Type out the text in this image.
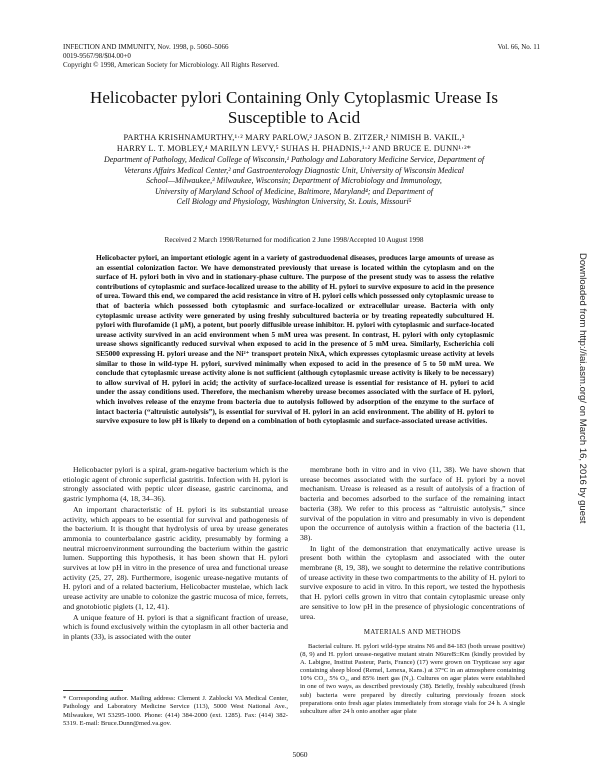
INFECTION AND IMMUNITY, Nov. 1998, p. 5060–5066
0019-9567/98/$04.00+0
Copyright © 1998, American Society for Microbiology. All Rights Reserved.
Vol. 66, No. 11
Helicobacter pylori Containing Only Cytoplasmic Urease Is
Susceptible to Acid
PARTHA KRISHNAMURTHY,¹·² MARY PARLOW,² JASON B. ZITZER,² NIMISH B. VAKIL,³
HARRY L. T. MOBLEY,⁴ MARILYN LEVY,⁵ SUHAS H. PHADNIS,¹·² AND BRUCE E. DUNN¹·²*
Department of Pathology, Medical College of Wisconsin,¹ Pathology and Laboratory Medicine Service, Department of
Veterans Affairs Medical Center,² and Gastroenterology Diagnostic Unit, University of Wisconsin Medical
School—Milwaukee,³ Milwaukee, Wisconsin; Department of Microbiology and Immunology,
University of Maryland School of Medicine, Baltimore, Maryland⁴; and Department of
Cell Biology and Physiology, Washington University, St. Louis, Missouri⁵
Received 2 March 1998/Returned for modification 2 June 1998/Accepted 10 August 1998
Helicobacter pylori, an important etiologic agent in a variety of gastroduodenal diseases, produces large amounts of urease as an essential colonization factor. We have demonstrated previously that urease is located within the cytoplasm and on the surface of H. pylori both in vivo and in stationary-phase culture. The purpose of the present study was to assess the relative contributions of cytoplasmic and surface-localized urease to the ability of H. pylori to survive exposure to acid in the presence of urea. Toward this end, we compared the acid resistance in vitro of H. pylori cells which possessed only cytoplasmic urease to that of bacteria which possessed both cytoplasmic and surface-localized or extracellular urease. Bacteria with only cytoplasmic urease activity were generated by using freshly subcultured bacteria or by treating repeatedly subcultured H. pylori with flurofamide (1 μM), a potent, but poorly diffusible urease inhibitor. H. pylori with cytoplasmic and surface-located urease activity survived in an acid environment when 5 mM urea was present. In contrast, H. pylori with only cytoplasmic urease shows significantly reduced survival when exposed to acid in the presence of 5 mM urea. Similarly, Escherichia coli SE5000 expressing H. pylori urease and the Ni²⁺ transport protein NixA, which expresses cytoplasmic urease activity at levels similar to those in wild-type H. pylori, survived minimally when exposed to acid in the presence of 5 to 50 mM urea. We conclude that cytoplasmic urease activity alone is not sufficient (although cytoplasmic urease activity is likely to be necessary) to allow survival of H. pylori in acid; the activity of surface-localized urease is essential for resistance of H. pylori to acid under the assay conditions used. Therefore, the mechanism whereby urease becomes associated with the surface of H. pylori, which involves release of the enzyme from bacteria due to autolysis followed by adsorption of the enzyme to the surface of intact bacteria (“altruistic autolysis”), is essential for survival of H. pylori in an acid environment. The ability of H. pylori to survive exposure to low pH is likely to depend on a combination of both cytoplasmic and surface-associated urease activities.

Helicobacter pylori is a spiral, gram-negative bacterium which is the etiologic agent of chronic superficial gastritis. Infection with H. pylori is strongly associated with peptic ulcer disease, gastric carcinoma, and gastric lymphoma (4, 18, 34–36).

An important characteristic of H. pylori is its substantial urease activity, which appears to be essential for survival and pathogenesis of the bacterium. It is thought that hydrolysis of urea by urease generates ammonia to counterbalance gastric acidity, presumably by forming a neutral microenvironment surrounding the bacterium within the gastric lumen. Supporting this hypothesis, it has been shown that H. pylori survives at low pH in vitro in the presence of urea and functional urease activity (25, 27, 28). Furthermore, isogenic urease-negative mutants of H. pylori and of a related bacterium, Helicobacter mustelae, which lack urease activity are unable to colonize the gastric mucosa of mice, ferrets, and gnotobiotic piglets (1, 12, 41).

A unique feature of H. pylori is that a significant fraction of urease, which is found exclusively within the cytoplasm in all other bacteria and in plants (33), is associated with the outer

* Corresponding author. Mailing address: Clement J. Zablocki VA Medical Center, Pathology and Laboratory Medicine Service (113), 5000 West National Ave., Milwaukee, WI 53295-1000. Phone: (414) 384-2000 (ext. 1285). Fax: (414) 382-5319. E-mail: Bruce.Dunn@med.va.gov.

membrane both in vitro and in vivo (11, 38). We have shown that urease becomes associated with the surface of H. pylori by a novel mechanism. Urease is released as a result of autolysis of a fraction of bacteria and becomes adsorbed to the surface of the remaining intact bacteria (38). We refer to this process as “altruistic autolysis,” since survival of the population in vitro and presumably in vivo is dependent upon the occurrence of autolysis within a fraction of the bacteria (11, 38).

In light of the demonstration that enzymatically active urease is present both within the cytoplasm and associated with the outer membrane (8, 19, 38), we sought to determine the relative contributions of urease activity in these two compartments to the ability of H. pylori to survive exposure to acid in vitro. In this report, we tested the hypothesis that H. pylori cells grown in vitro that contain cytoplasmic urease only are sensitive to low pH in the presence of physiologic concentrations of urea.

MATERIALS AND METHODS
Bacterial culture. H. pylori wild-type strains N6 and 84-183 (both urease positive) (8, 9) and H. pylori urease-negative mutant strain N6ureB::Km (kindly provided by A. Labigne, Institut Pasteur, Paris, France) (17) were grown on Trypticase soy agar containing sheep blood (Remel, Lenexa, Kans.) at 37°C in an atmosphere containing 10% CO₂, 5% O₂, and 85% inert gas (N₂). Cultures on agar plates were established in one of two ways, as described previously (38). Briefly, freshly subcultured (fresh sub) bacteria were prepared by directly culturing previously frozen stock preparations onto fresh agar plates immediately from storage vials for 24 h. A single subculture after 24 h onto another agar plate
5060
Downloaded from http://iai.asm.org/ on March 16, 2016 by guest
